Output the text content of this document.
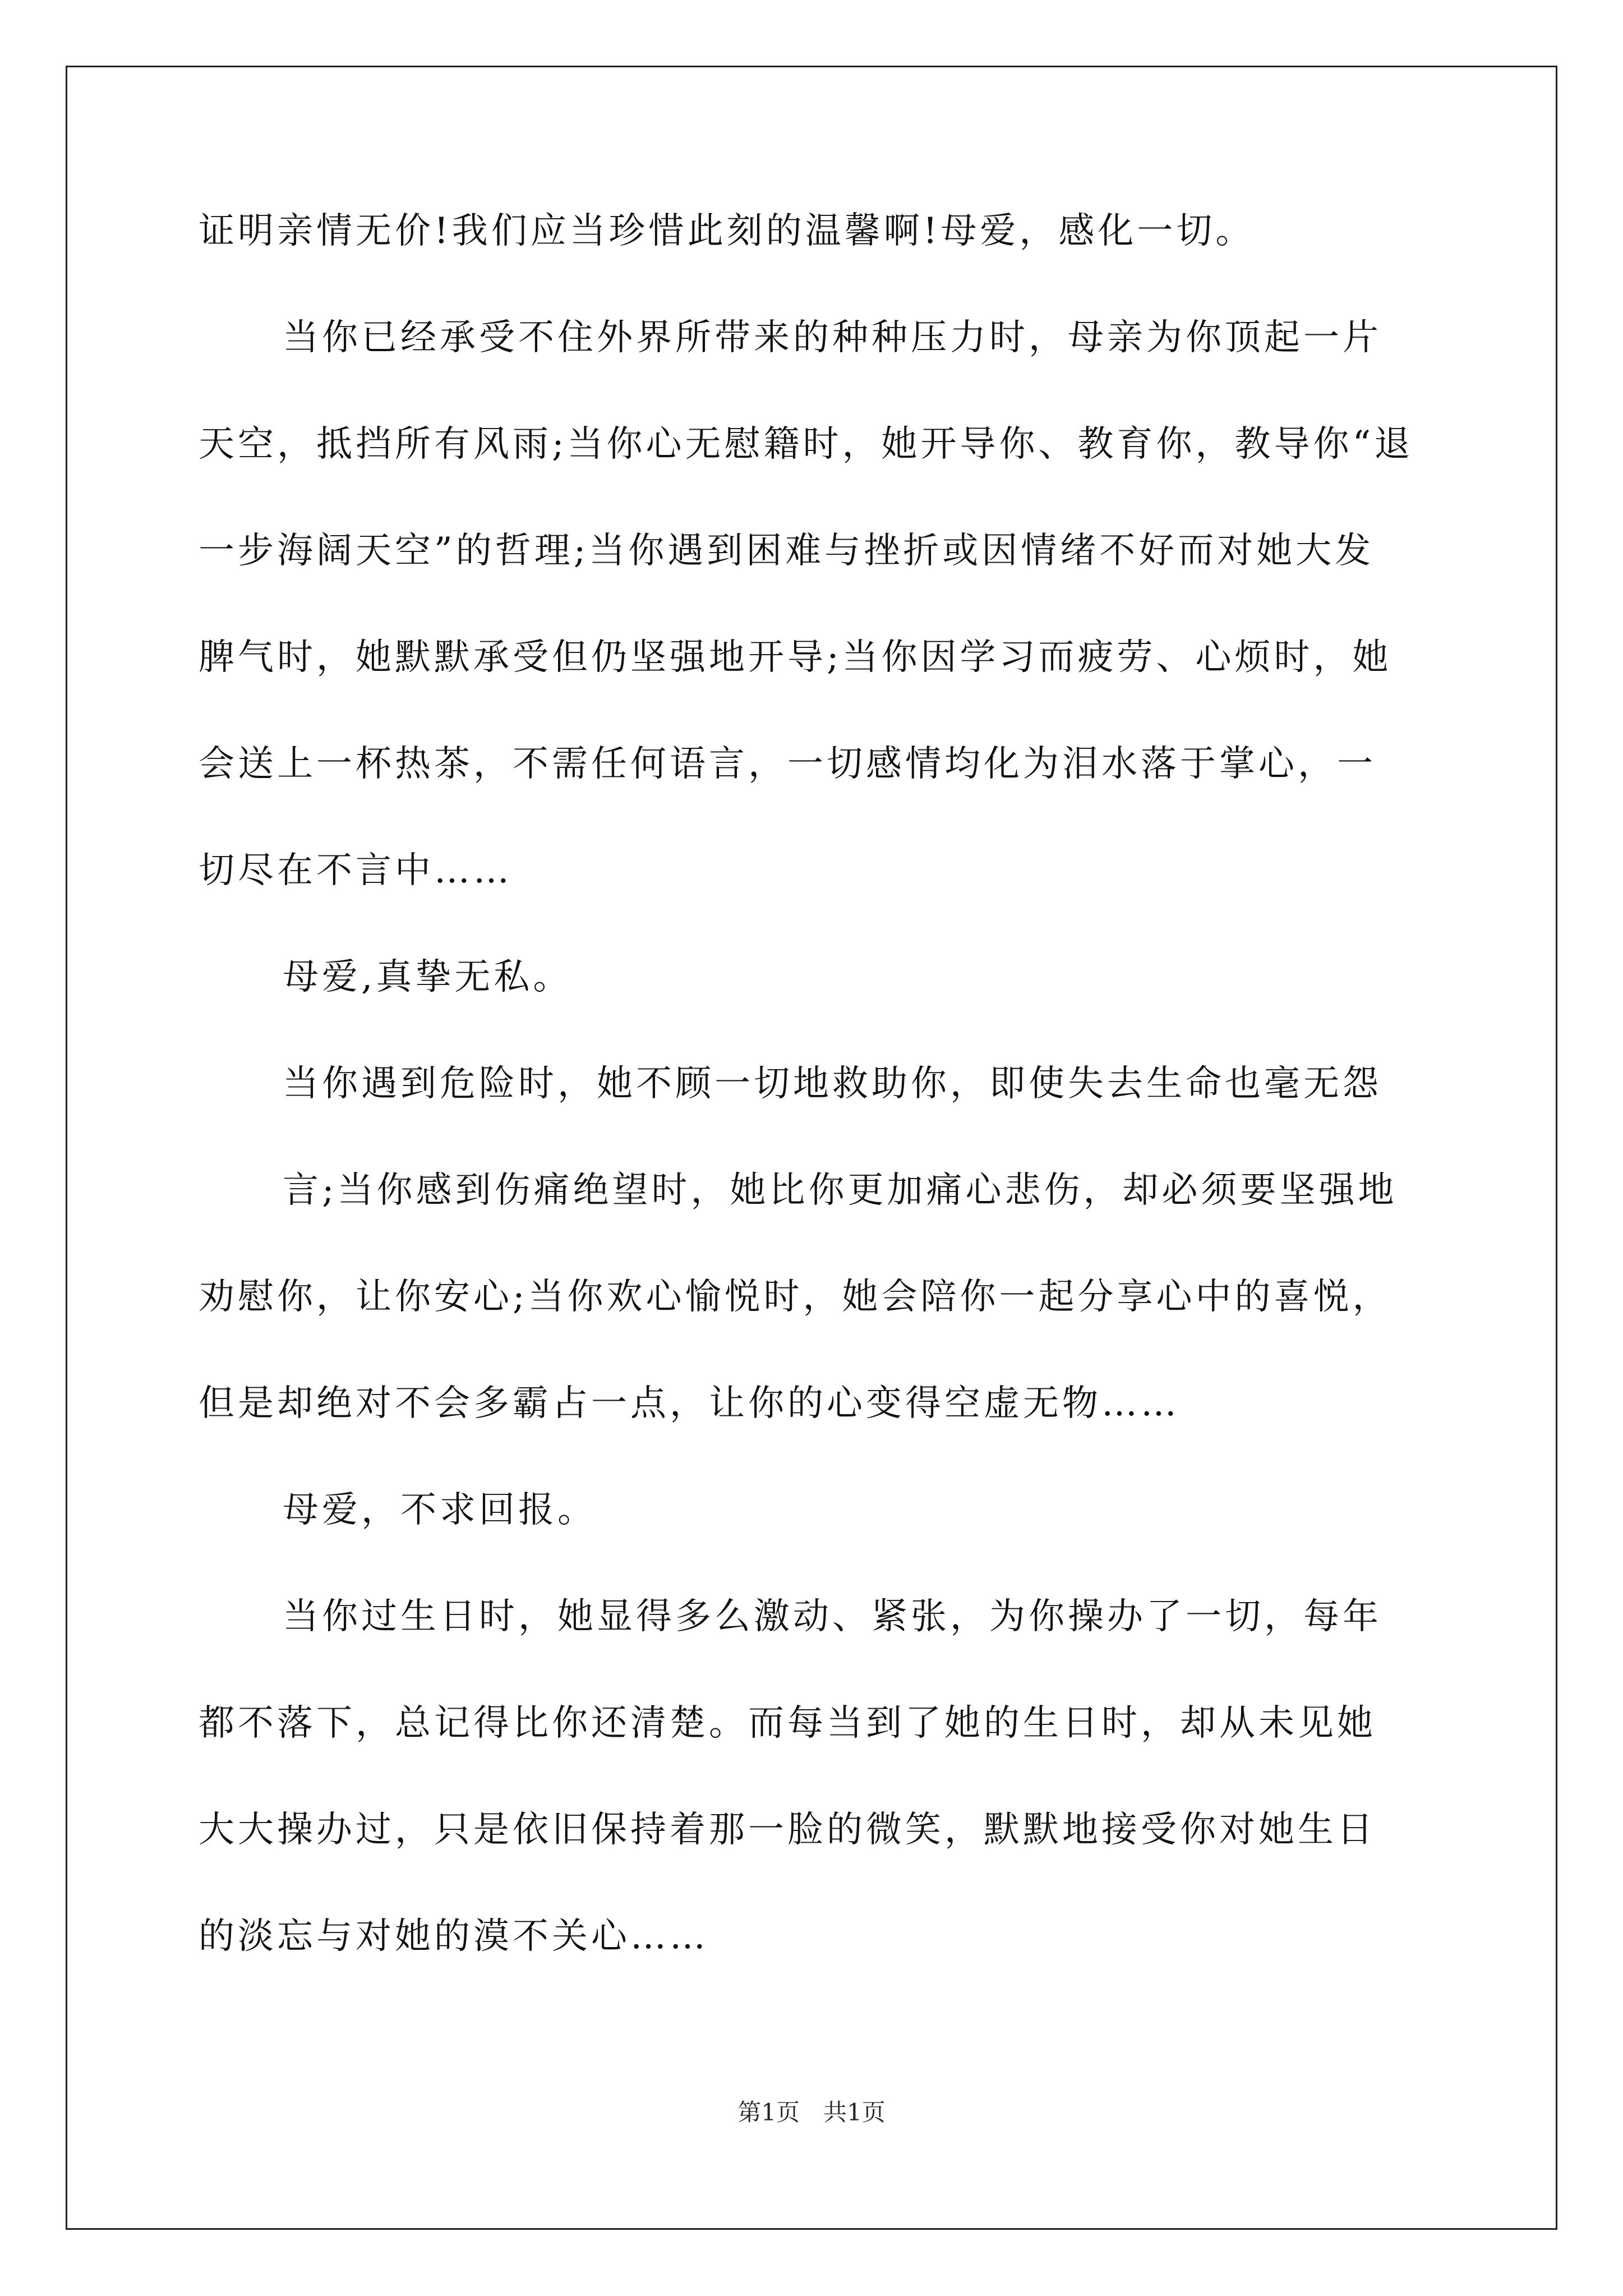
证明亲情无价!我们应当珍惜此刻的温馨啊!母爱，感化一切。
当你已经承受不住外界所带来的种种压力时，母亲为你顶起一片
天空，抵挡所有风雨;当你心无慰籍时，她开导你、教育你，教导你“退
一步海阔天空”的哲理;当你遇到困难与挫折或因情绪不好而对她大发
脾气时，她默默承受但仍坚强地开导;当你因学习而疲劳、心烦时，她
会送上一杯热茶，不需任何语言，一切感情均化为泪水落于掌心，一
切尽在不言中……
母爱,真挚无私。
当你遇到危险时，她不顾一切地救助你，即使失去生命也毫无怨
言;当你感到伤痛绝望时，她比你更加痛心悲伤，却必须要坚强地
劝慰你，让你安心;当你欢心愉悦时，她会陪你一起分享心中的喜悦，
但是却绝对不会多霸占一点，让你的心变得空虚无物……
母爱，不求回报。
当你过生日时，她显得多么激动、紧张，为你操办了一切，每年
都不落下，总记得比你还清楚。而每当到了她的生日时，却从未见她
大大操办过，只是依旧保持着那一脸的微笑，默默地接受你对她生日
的淡忘与对她的漠不关心……
第1页　共1页
